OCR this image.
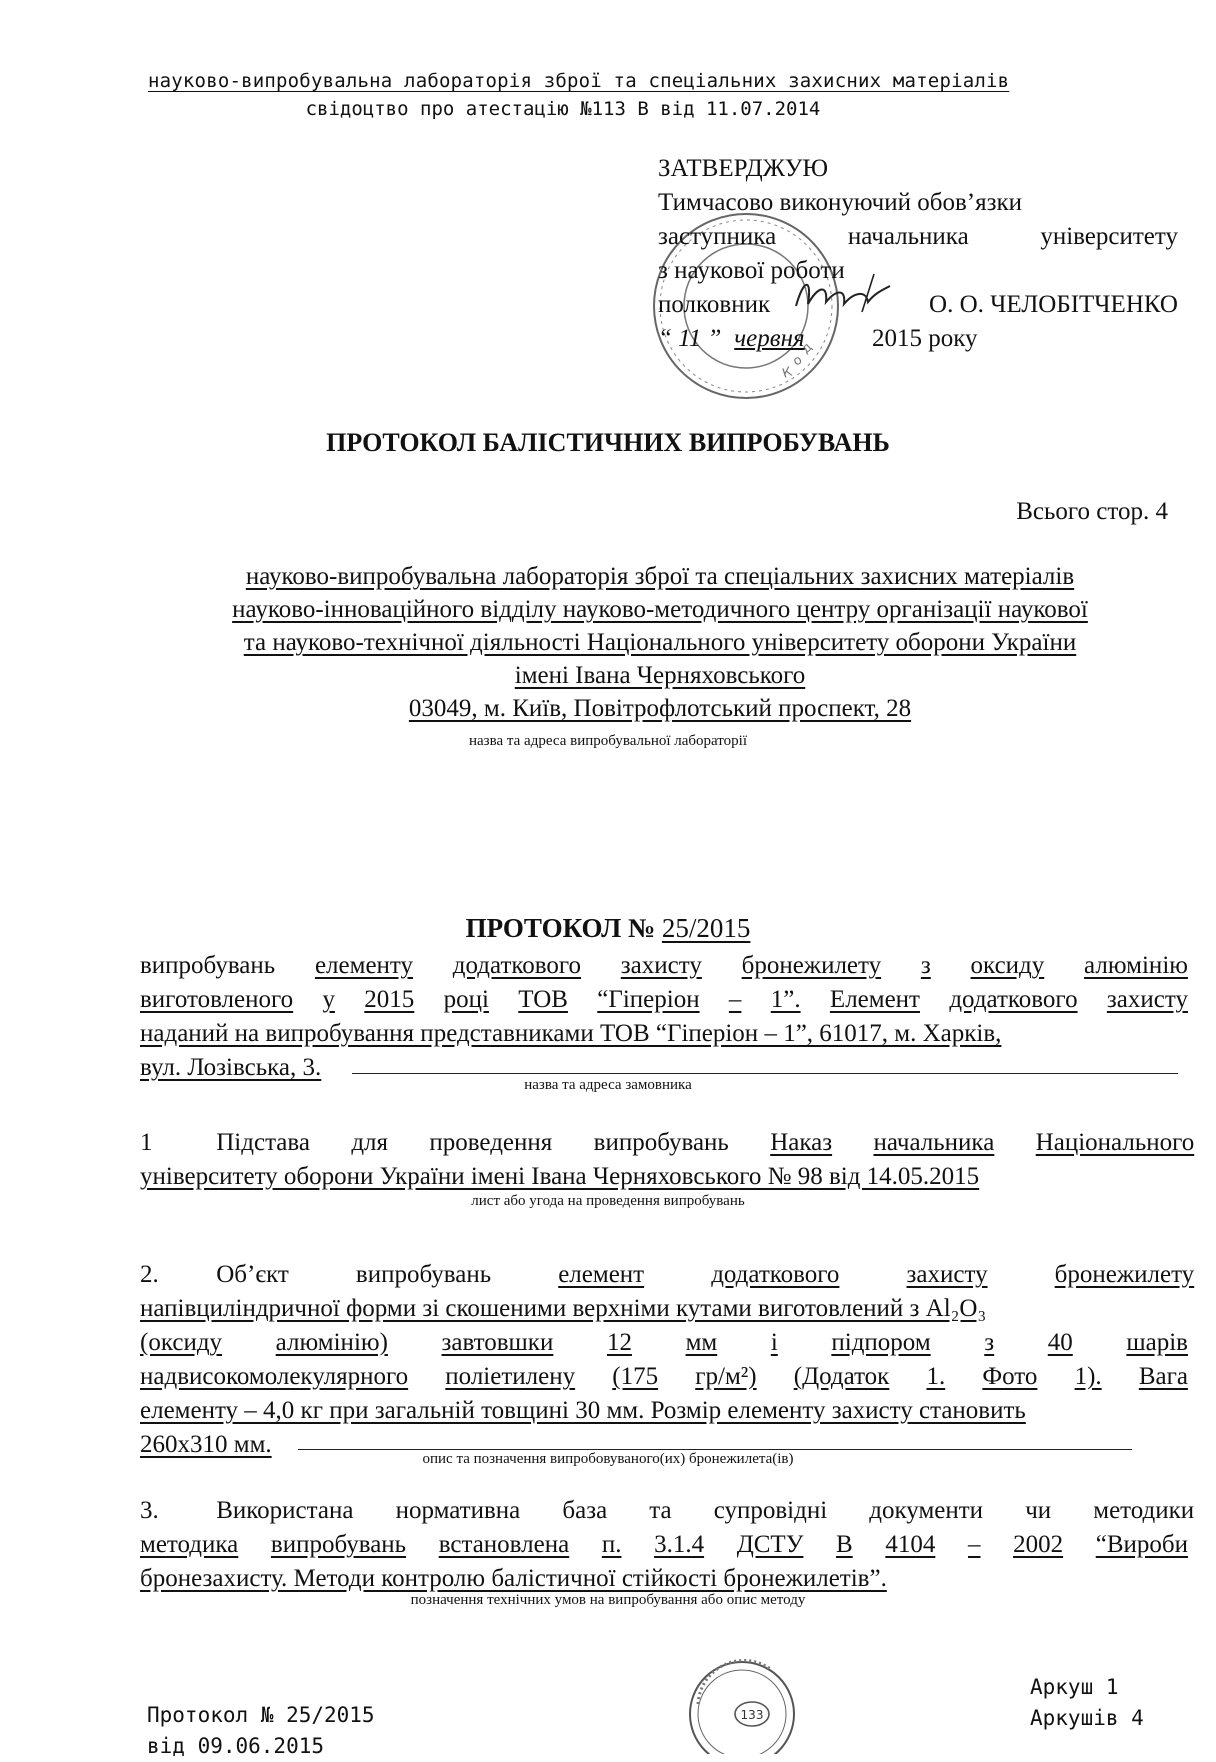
науково-випробувальна лабораторія зброї та спеціальних захисних матеріалів
свідоцтво про атестацію №113 В від 11.07.2014
К
о
д
ЗАТВЕРДЖУЮ
Тимчасово виконуючий обов’язки
заступника	начальника	університету
з наукової роботи
полковник	О. О. ЧЕЛОБІТЧЕНКО
“ 11 ” червня	2015 року
ПРОТОКОЛ БАЛІСТИЧНИХ ВИПРОБУВАНЬ
Всього стор. 4
науково-випробувальна лабораторія зброї та спеціальних захисних матеріалів
науково-інноваційного відділу науково-методичного центру організації наукової
та науково-технічної діяльності Національного університету оборони України
імені Івана Черняховського
03049, м. Київ, Повітрофлотський проспект, 28
назва та адреса випробувальної лабораторії
ПРОТОКОЛ № 25/2015
випробувань елементу додаткового захисту бронежилету з оксиду алюмінію
виготовленого у 2015 році ТОВ “Гіперіон – 1”. Елемент додаткового захисту
наданий на випробування представниками ТОВ “Гіперіон – 1”, 61017, м. Харків,
вул. Лозівська, 3.
назва та адреса замовника
1	Підстава для проведення випробувань Наказ начальника Національного
університету оборони України імені Івана Черняховського № 98 від 14.05.2015
лист або угода на проведення випробувань
2. Об’єкт	випробувань	елемент	додаткового	захисту	бронежилету
напівциліндричної форми зі скошеними верхніми кутами виготовлений з Al₂O₃
(оксиду алюмінію) завтовшки 12 мм і підпором з 40 шарів
надвисокомолекулярного поліетилену (175 гр/м²) (Додаток 1. Фото 1). Вага
елементу – 4,0 кг при загальній товщині 30 мм. Розмір елементу захисту становить
260х310 мм.
опис та позначення випробовуваного(их) бронежилета(ів)
3. Використана нормативна база та супровідні документи чи методики
методика випробувань встановлена п. 3.1.4 ДСТУ В 4104 – 2002 “Вироби
бронезахисту. Методи контролю балістичної стійкості бронежилетів”.
позначення технічних умов на випробування або опис методу
133
Протокол № 25/2015
від 09.06.2015
Аркуш 1
Аркушів 4
